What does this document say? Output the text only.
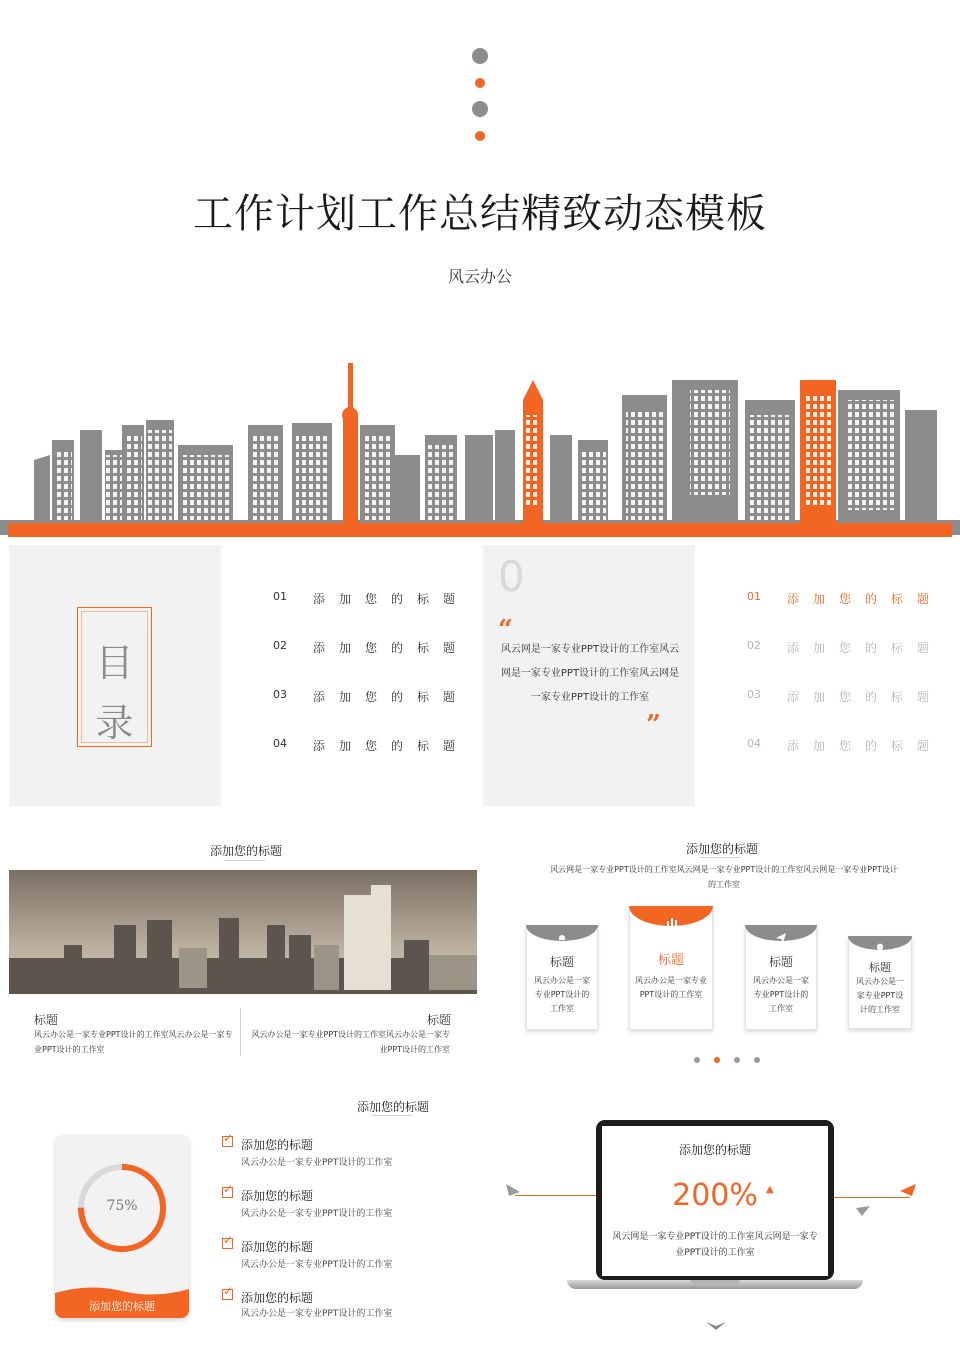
工作计划工作总结精致动态模板
风云办公
目
录
01	添加您的标题
02	添加您的标题
03	添加您的标题
04	添加您的标题
0
“
风云网是一家专业PPT设计的工作室风云网是一家专业PPT设计的工作室风云网是一家专业PPT设计的工作室
”
01	添加您的标题
02	添加您的标题
03	添加您的标题
04	添加您的标题
添加您的标题
标题
风云办公是一家专业PPT设计的工作室风云办公是一家专业PPT设计的工作室
标题
风云办公是一家专业PPT设计的工作室风云办公是一家专业PPT设计的工作室
添加您的标题
风云网是一家专业PPT设计的工作室风云网是一家专业PPT设计的工作室风云网是一家专业PPT设计的工作室
标题
风云办公是一家专业PPT设计的工作室
标题
风云办公是一家专业PPT设计的工作室
标题
风云办公是一家专业PPT设计的工作室
标题
风云办公是一家专业PPT设计的工作室
添加您的标题
75%
添加您的标题
✓ 添加您的标题
风云办公是一家专业PPT设计的工作室
✓ 添加您的标题
风云办公是一家专业PPT设计的工作室
✓ 添加您的标题
风云办公是一家专业PPT设计的工作室
✓ 添加您的标题
风云办公是一家专业PPT设计的工作室
添加您的标题
200% ▲
风云网是一家专业PPT设计的工作室风云网是一家专业PPT设计的工作室
